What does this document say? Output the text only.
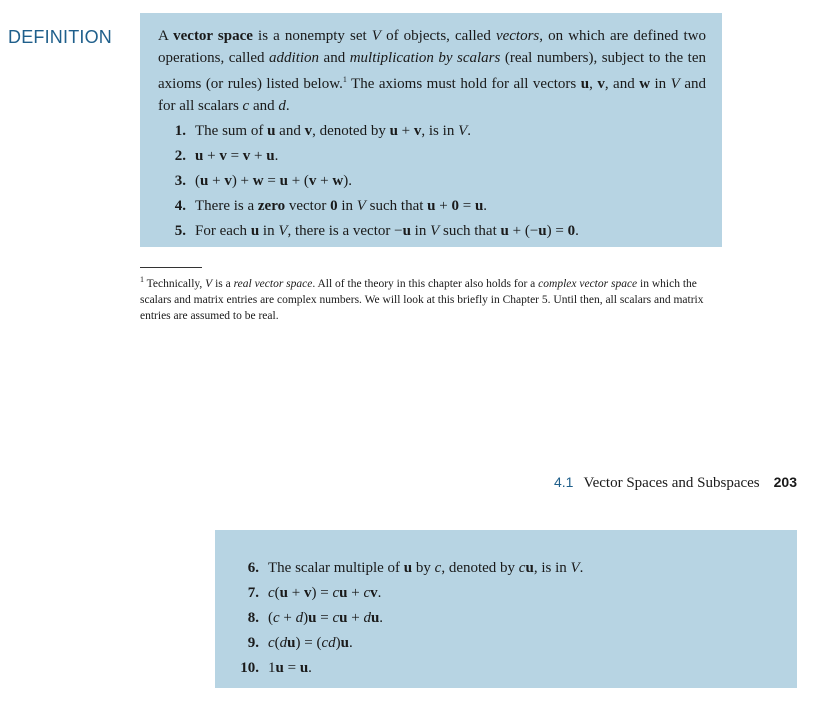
DEFINITION	A vector space is a nonempty set V of objects, called vectors, on which are defined two operations, called addition and multiplication by scalars (real numbers), subject to the ten axioms (or rules) listed below.$^1$ The axioms must hold for all vectors u, v, and w in V and for all scalars c and d.
1. The sum of u and v, denoted by u + v, is in V.
2. u + v = v + u.
3. (u + v) + w = u + (v + w).
4. There is a zero vector 0 in V such that u + 0 = u.
5. For each u in V, there is a vector −u in V such that u + (−u) = 0.
$^1$ Technically, V is a real vector space. All of the theory in this chapter also holds for a complex vector space in which the scalars and matrix entries are complex numbers. We will look at this briefly in Chapter 5. Until then, all scalars and matrix entries are assumed to be real.
4.1 Vector Spaces and Subspaces 203
6. The scalar multiple of u by c, denoted by cu, is in V.
7. c(u + v) = cu + cv.
8. (c + d)u = cu + du.
9. c(du) = (cd)u.
10. 1u = u.
